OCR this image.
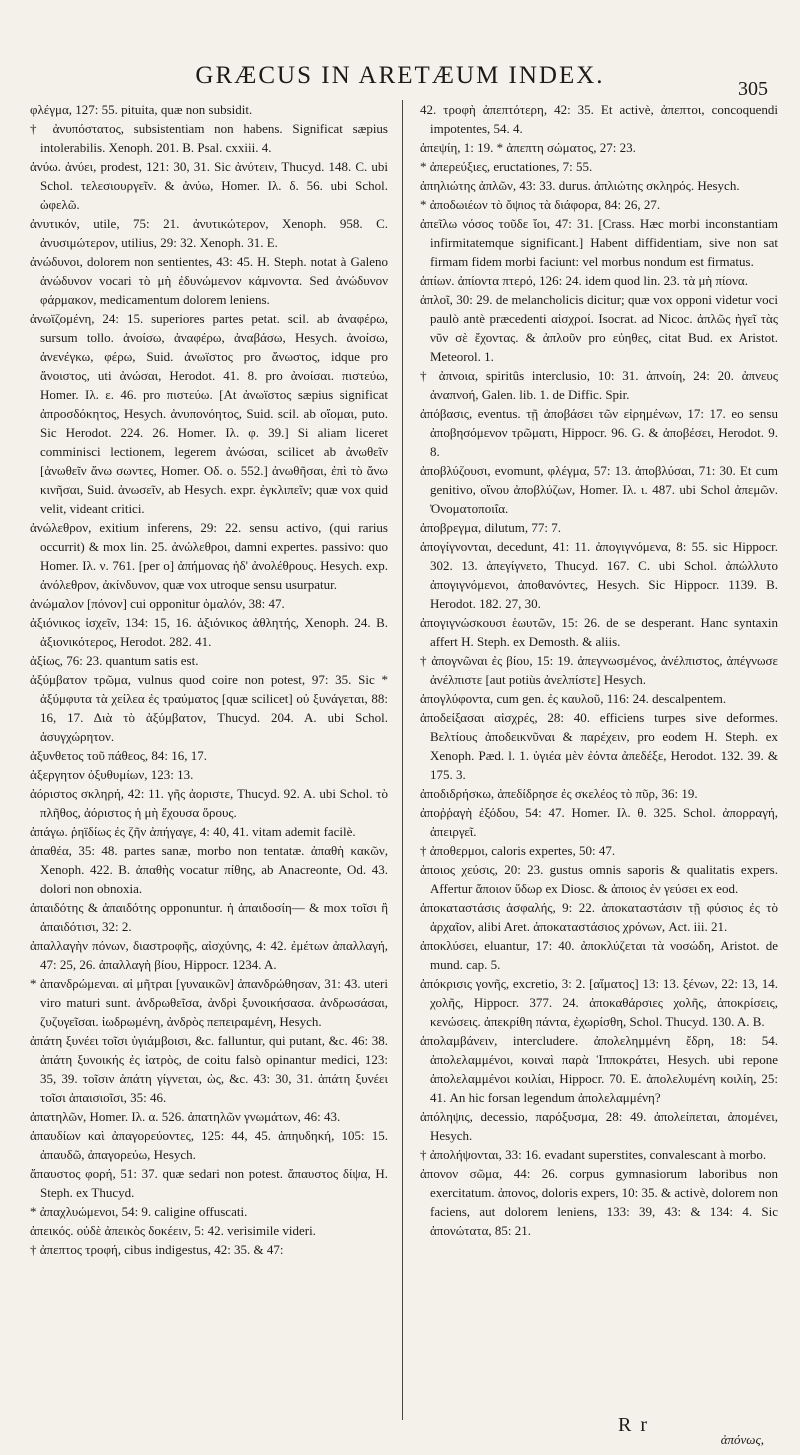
GRÆCUS IN ARETÆUM INDEX.	305

φλέγμα, 127: 55. pituita, quæ non subsidit.

† ἀνυπόστατος, subsistentiam non habens. Significat sæpius intolerabilis. Xenoph. 201. B. Psal. cxxiii. 4.

ἀνύω. ἀνύει, prodest, 121: 30, 31. Sic ἀνύτειν, Thucyd. 148. C. ubi Schol. τελεσιουργεῖν. & ἀνύω, Homer. Iλ. δ. 56. ubi Schol. ὠφελῶ.

ἀνυτικόν, utile, 75: 21. ἀνυτικώτερον, Xenoph. 958. C. ἀνυσιμώτερον, utilius, 29: 32. Xenoph. 31. E.

ἀνώδυνοι, dolorem non sentientes, 43: 45. H. Steph. notat à Galeno ἀνώδυνον vocari τὸ μὴ ἐδυνώμενον κάμνοντα. Sed ἀνώδυνον φάρμακον, medicamentum dolorem leniens.

ἀνωϊζομένη, 24: 15. superiores partes petat. scil. ab ἀναφέρω, sursum tollo. ἀνοίσω, ἀναφέρω, ἀναβάσω, Hesych. ἀνοίσω, ἀνενέγκω, φέρω, Suid. ἀνωϊστος pro ἄνωστος, idque pro ἄνοιστος, uti ἀνώσαι, Herodot. 41. 8. pro ἀνοίσαι. πιστεύω, Homer. Iλ. ε. 46. pro πιστεύω. [At ἀνωϊστος sæpius significat ἀπροσδόκητος, Hesych. ἀνυπονόητος, Suid. scil. ab οἴομαι, puto. Sic Herodot. 224. 26. Homer. Iλ. φ. 39.] Si aliam liceret comminisci lectionem, legerem ἀνώσαι, scilicet ab ἀνωθεῖν [ἀνωθεῖν ἄνω σωντες, Homer. Oδ. ο. 552.] ἀνωθῆσαι, ἐπὶ τὸ ἄνω κινῆσαι, Suid. ἀνωσεῖν, ab Hesych. expr. ἐγκλιπεῖν; quæ vox quid velit, videant critici.

ἀνώλεθρον, exitium inferens, 29: 22. sensu activo, (qui rarius occurrit) & mox lin. 25. ἀνώλεθροι, damni expertes. passivo: quo Homer. Iλ. ν. 761. [per ο] ἀπήμονας ἠδ' ἀνολέθρους. Hesych. exp. ἀνόλεθρον, ἀκίνδυνον, quæ vox utroque sensu usurpatur.

ἀνώμαλον [πόνον] cui opponitur ὁμαλόν, 38: 47.

ἀξιόνικος ἰσχεῖν, 134: 15, 16. ἀξιόνικος ἀθλητής, Xenoph. 24. B. ἀξιονικότερος, Herodot. 282. 41.

ἀξίως, 76: 23. quantum satis est.

ἀξύμβατον τρῶμα, vulnus quod coire non potest, 97: 35. Sic * ἀξύμφυτα τὰ χείλεα ἐς τραύματος [quæ scilicet] οὐ ξυνάγεται, 88: 16, 17. Διὰ τὸ ἀξύμβατον, Thucyd. 204. A. ubi Schol. ἀσυγχώρητον.

ἀξυνθετος τοῦ πάθεος, 84: 16, 17.

ἀξεργητον ὀξυθυμίων, 123: 13.

ἀόριστος σκληρή, 42: 11. γῆς ἀοριστε, Thucyd. 92. A. ubi Schol. τὸ πλῆθος, ἀόριστος ἡ μὴ ἔχουσα ὅρους.

ἀπάγω. ῥηϊδίως ἐς ζῆν ἀπήγαγε, 4: 40, 41. vitam ademit facilè.

ἀπαθέα, 35: 48. partes sanæ, morbo non tentatæ. ἀπαθὴ κακῶν, Xenoph. 422. B. ἀπαθὴς vocatur πίθης, ab Anacreonte, Od. 43. dolori non obnoxia.

ἀπαιδότης & ἀπαιδότης opponuntur. ἡ ἀπαιδοσίη— & mox τοῖσι ἢ ἀπαιδότισι, 32: 2.

ἀπαλλαγὴν πόνων, διαστροφῆς, αἰσχύνης, 4: 42. ἐμέτων ἀπαλλαγή, 47: 25, 26. ἀπαλλαγὴ βίου, Hippocr. 1234. A.

* ἀπανδρώμεναι. αἱ μῆτραι [γυναικῶν] ἀπανδρώθησαν, 31: 43. uteri viro maturi sunt. ἀνδρωθεῖσα, ἀνδρὶ ξυνοικήσασα. ἀνδρωσάσαι, ζυζυγεῖσαι. ἰωδρωμένη, ἀνδρὸς πεπειραμένη, Hesych.

ἀπάτη ξυνέει τοῖσι ὑγιάμβοισι, &c. falluntur, qui putant, &c. 46: 38. ἀπάτη ξυνοικής ἐς ἰατρὸς, de coitu falsò opinantur medici, 123: 35, 39. τοῖσιν ἀπάτη γίγνεται, ὡς, &c. 43: 30, 31. ἀπάτη ξυνέει τοῖσι ἀπαισιοῖσι, 35: 46.

ἀπατηλῶν, Homer. Iλ. α. 526. ἀπατηλῶν γνωμάτων, 46: 43.

ἀπαυδίων καὶ ἀπαγορεύοντες, 125: 44, 45. ἀπηυδηκή, 105: 15. ἀπαυδῶ, ἀπαγορεύω, Hesych.

ἄπαυστος φορή, 51: 37. quæ sedari non potest. ἄπαυστος δίψα, H. Steph. ex Thucyd.

* ἀπαχλυώμενοι, 54: 9. caligine offuscati.

ἀπεικός. οὐδὲ ἀπεικὸς δοκέειν, 5: 42. verisimile videri.

† ἀπεπτος τροφή, cibus indigestus, 42: 35. & 47:

42. τροφὴ ἀπεπτότερη, 42: 35. Et activè, ἀπεπτοι, concoquendi impotentes, 54. 4.

ἀπεψίη, 1: 19. * ἀπεπτη σώματος, 27: 23.

* ἀπερεύξιες, eructationes, 7: 55.

ἀπηλιώτης ἀπλῶν, 43: 33. durus. ἀπλιώτης σκληρός. Hesych.

* ἀποδωιέων τὸ ὄψιος τὰ διάφορα, 84: 26, 27.

ἀπεῖλω νόσος τοῦδε ἴοι, 47: 31. [Crass. Hæc morbi inconstantiam infirmitatemque significant.] Habent diffidentiam, sive non sat firmam fidem morbi faciunt: vel morbus nondum est firmatus.

ἀπίων. ἀπίοντα πτερό, 126: 24. idem quod lin. 23. τὰ μὴ πίονα.

ἀπλοῖ, 30: 29. de melancholicis dicitur; quæ vox opponi videtur voci paulò antè præcedenti αἰσχροί. Isocrat. ad Nicoc. ἀπλῶς ἡγεῖ τὰς νῦν σὲ ἔχοντας. & ἀπλοῦν pro εὐηθες, citat Bud. ex Aristot. Meteorol. 1.

† ἀπνοια, spiritûs interclusio, 10: 31. ἀπνοίη, 24: 20. ἀπνευς ἀναπνοή, Galen. lib. 1. de Diffic. Spir.

ἀπόβασις, eventus. τῇ ἀποβάσει τῶν εἰρημένων, 17: 17. eo sensu ἀποβησόμενον τρῶματι, Hippocr. 96. G. & ἀποβέσει, Herodot. 9. 8.

ἀποβλύζουσι, evomunt, φλέγμα, 57: 13. ἀποβλύσαι, 71: 30. Et cum genitivo, οἴνου ἀποβλύζων, Homer. Iλ. ι. 487. ubi Schol ἀπεμῶν. Ὀνοματοποιΐα.

ἀποβρεγμα, dilutum, 77: 7.

ἀπογίγνονται, decedunt, 41: 11. ἀπογιγνόμενα, 8: 55. sic Hippocr. 302. 13. ἀπεγίγνετο, Thucyd. 167. C. ubi Schol. ἀπώλλυτο ἀπογιγνόμενοι, ἀποθανόντες, Hesych. Sic Hippocr. 1139. B. Herodot. 182. 27, 30.

ἀπογιγνώσκουσι ἑωυτῶν, 15: 26. de se desperant. Hanc syntaxin affert H. Steph. ex Demosth. & aliis.

† ἀπογνῶναι ἐς βίου, 15: 19. ἀπεγνωσμένος, ἀνέλπιστος, ἀπέγνωσε ἀνέλπιστε [aut potiùs ἀνελπίστε] Hesych.

ἀπογλύφοντα, cum gen. ἐς καυλοῦ, 116: 24. descalpentem.

ἀποδείξασαι αἰσχρές, 28: 40. efficiens turpes sive deformes. Βελτίους ἀποδεικνῦναι & παρέχειν, pro eodem H. Steph. ex Xenoph. Pæd. l. 1. ὑγιέα μὲν ἐόντα ἀπεδέξε, Herodot. 132. 39. & 175. 3.

ἀποδιδρήσκω, ἀπεδίδρησε ἐς σκελέος τὸ πῦρ, 36: 19.

ἀποῤῥαγὴ ἐξόδου, 54: 47. Homer. Iλ. θ. 325. Schol. ἀπορραγή, ἀπειργεῖ.

† ἀποθερμοι, caloris expertes, 50: 47.

ἀποιος χεύσις, 20: 23. gustus omnis saporis & qualitatis expers. Affertur ἄποιον ὕδωρ ex Diosc. & ἀποιος ἐν γεύσει ex eod.

ἀποκαταστάσις ἀσφαλής, 9: 22. ἀποκαταστάσιν τῇ φύσιος ἐς τὸ ἀρχαῖον, alibi Aret. ἀποκαταστάσιος χρόνων, Act. iii. 21.

ἀποκλύσει, eluantur, 17: 40. ἀποκλύζεται τὰ νοσώδη, Aristot. de mund. cap. 5.

ἀπόκρισις γονῆς, excretio, 3: 2. [αἵματος] 13: 13. ξένων, 22: 13, 14. χολῆς, Hippocr. 377. 24. ἀποκαθάρσιες χολῆς, ἀποκρίσεις, κενώσεις. ἀπεκρίθη πάντα, ἐχωρίσθη, Schol. Thucyd. 130. A. B.

ἀπολαμβάνειν, intercludere. ἀπολελημμένη ἔδρη, 18: 54. ἀπολελαμμένοι, κοιναὶ παρὰ Ἱπποκράτει, Hesych. ubi repone ἀπολελαμμένοι κοιλίαι, Hippocr. 70. E. ἀπολελυμένη κοιλίη, 25: 41. An hic forsan legendum ἀπολελαμμένη?

ἀπόληψις, decessio, παρόξυσμα, 28: 49. ἀπολείπεται, ἀπομένει, Hesych.

† ἀπολήψονται, 33: 16. evadant superstites, convalescant à morbo.

ἀπονον σῶμα, 44: 26. corpus gymnasiorum laboribus non exercitatum. ἀπονος, doloris expers, 10: 35. & activè, dolorem non faciens, aut dolorem leniens, 133: 39, 43: & 134: 4. Sic ἀπονώτατα, 85: 21.

R r
ἀπόνως,
